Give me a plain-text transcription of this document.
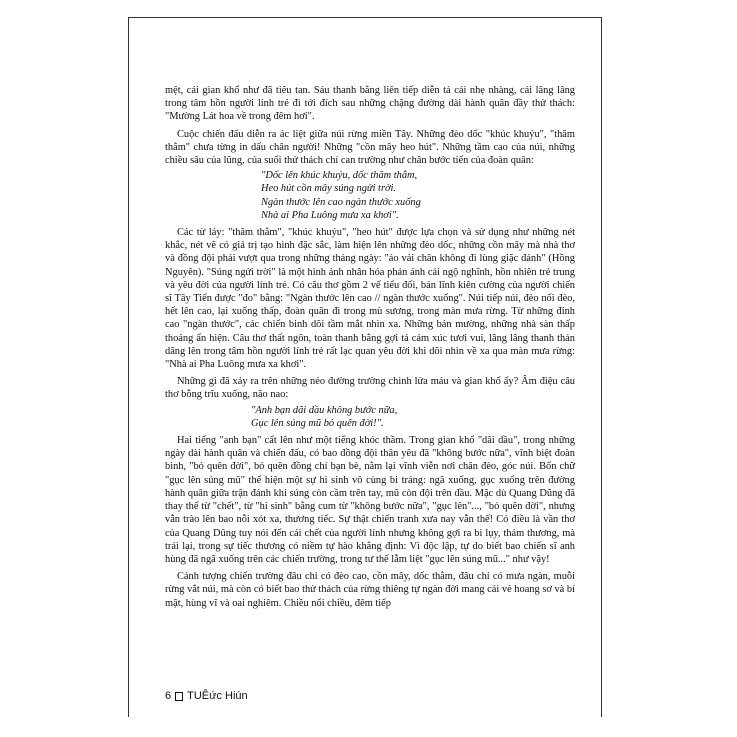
mệt, cái gian khổ như đã tiêu tan. Sáu thanh bằng liên tiếp diễn tả cái nhẹ nhàng, cái lâng lâng trong tâm hồn người lính trẻ đi tới đích sau những chặng đường dài hành quân đầy thử thách: "Mường Lát hoa về trong đêm hơi".

Cuộc chiến đấu diễn ra ác liệt giữa núi rừng miền Tây. Những đèo dốc "khúc khuỷu", "thăm thẳm" chưa từng in dấu chân người! Những "cồn mây heo hút". Những tầm cao của núi, những chiều sâu của lũng, của suối thử thách chí can trường như chân bước tiến của đoàn quân:

"Dốc lên khúc khuỷu, dốc thăm thẳm,
Heo hút cồn mây súng ngửi trời.
Ngàn thước lên cao ngàn thước xuống
Nhà ai Pha Luông mưa xa khơi".

Các từ láy: "thăm thẳm", "khúc khuỷu", "heo hút" được lựa chọn và sử dụng như những nét khắc, nét vẽ có giá trị tạo hình đặc sắc, làm hiện lên những đèo dốc, những cồn mây mà nhà thơ và đồng đội phải vượt qua trong những tháng ngày: "áo vải chân không đi lùng giặc đánh" (Hồng Nguyên). "Súng ngửi trời" là một hình ảnh nhân hóa phản ánh cái ngộ nghĩnh, hồn nhiên trẻ trung và yêu đời của người lính trẻ. Có câu thơ gồm 2 vế tiểu đối, bản lĩnh kiên cường của người chiến sĩ Tây Tiến được "đo" bằng: "Ngàn thước lên cao // ngàn thước xuống". Núi tiếp núi, đèo nối đèo, hết lên cao, lại xuống thấp, đoàn quân đi trong mù sương, trong màn mưa rừng. Từ những đỉnh cao "ngàn thước", các chiến binh dõi tầm mắt nhìn xa. Những bản mường, những nhà sàn thấp thoáng ẩn hiện. Câu thơ thất ngôn, toàn thanh bằng gợi tả cảm xúc tươi vui, lâng lâng thanh thản dâng lên trong tâm hồn người lính trẻ rất lạc quan yêu đời khi dõi nhìn về xa qua màn mưa rừng: "Nhà ai Pha Luông mưa xa khơi".

Những gì đã xảy ra trên những nẻo đường trường chinh lửa máu và gian khổ ấy? Âm điệu câu thơ bỗng trĩu xuống, não nao:

"Anh bạn dãi dầu không bước nữa,
Gục lên súng mũ bỏ quên đời!".

Hai tiếng "anh bạn" cất lên như một tiếng khóc thầm. Trong gian khổ "dãi dầu", trong những ngày dài hành quân và chiến đấu, có bao đồng đội thân yêu đã "không bước nữa", vĩnh biệt đoàn binh, "bỏ quên đời", bỏ quên đồng chí bạn bè, nằm lại vĩnh viễn nơi chân đèo, góc núi. Bốn chữ "gục lên súng mũ" thể hiện một sự hi sinh vô cùng bi tráng: ngã xuống, gục xuống trên đường hành quân giữa trận đánh khi súng còn cầm trên tay, mũ còn đội trên đầu. Mặc dù Quang Dũng đã thay thế từ "chết", từ "hi sinh" bằng cum từ "không bước nữa", "gục lên"..., "bỏ quên đời", nhưng vẫn trào lên bao nỗi xót xa, thương tiếc. Sự thật chiến tranh xưa nay vẫn thế! Có điều là vần thơ của Quang Dũng tuy nói đến cái chết của người lính nhưng không gợi ra bi lụy, thảm thương, mà trái lại, trong sự tiếc thương có niềm tự hào khẳng định: Vì độc lập, tự do biết bao chiến sĩ anh hùng đã ngã xuống trên các chiến trường, trong tư thế lẫm liệt "gục lên súng mũ..." như vậy!

Cảnh tượng chiến trường đâu chỉ có đèo cao, cồn mây, dốc thẳm, đâu chỉ có mưa ngàn, muỗi rừng vắt núi, mà còn có biết bao thử thách của rừng thiêng tự ngàn đời mang cái vẻ hoang sơ và bí mật, hùng vĩ và oai nghiêm. Chiều nối chiều, đêm tiếp

6 TUÊức Hiún
